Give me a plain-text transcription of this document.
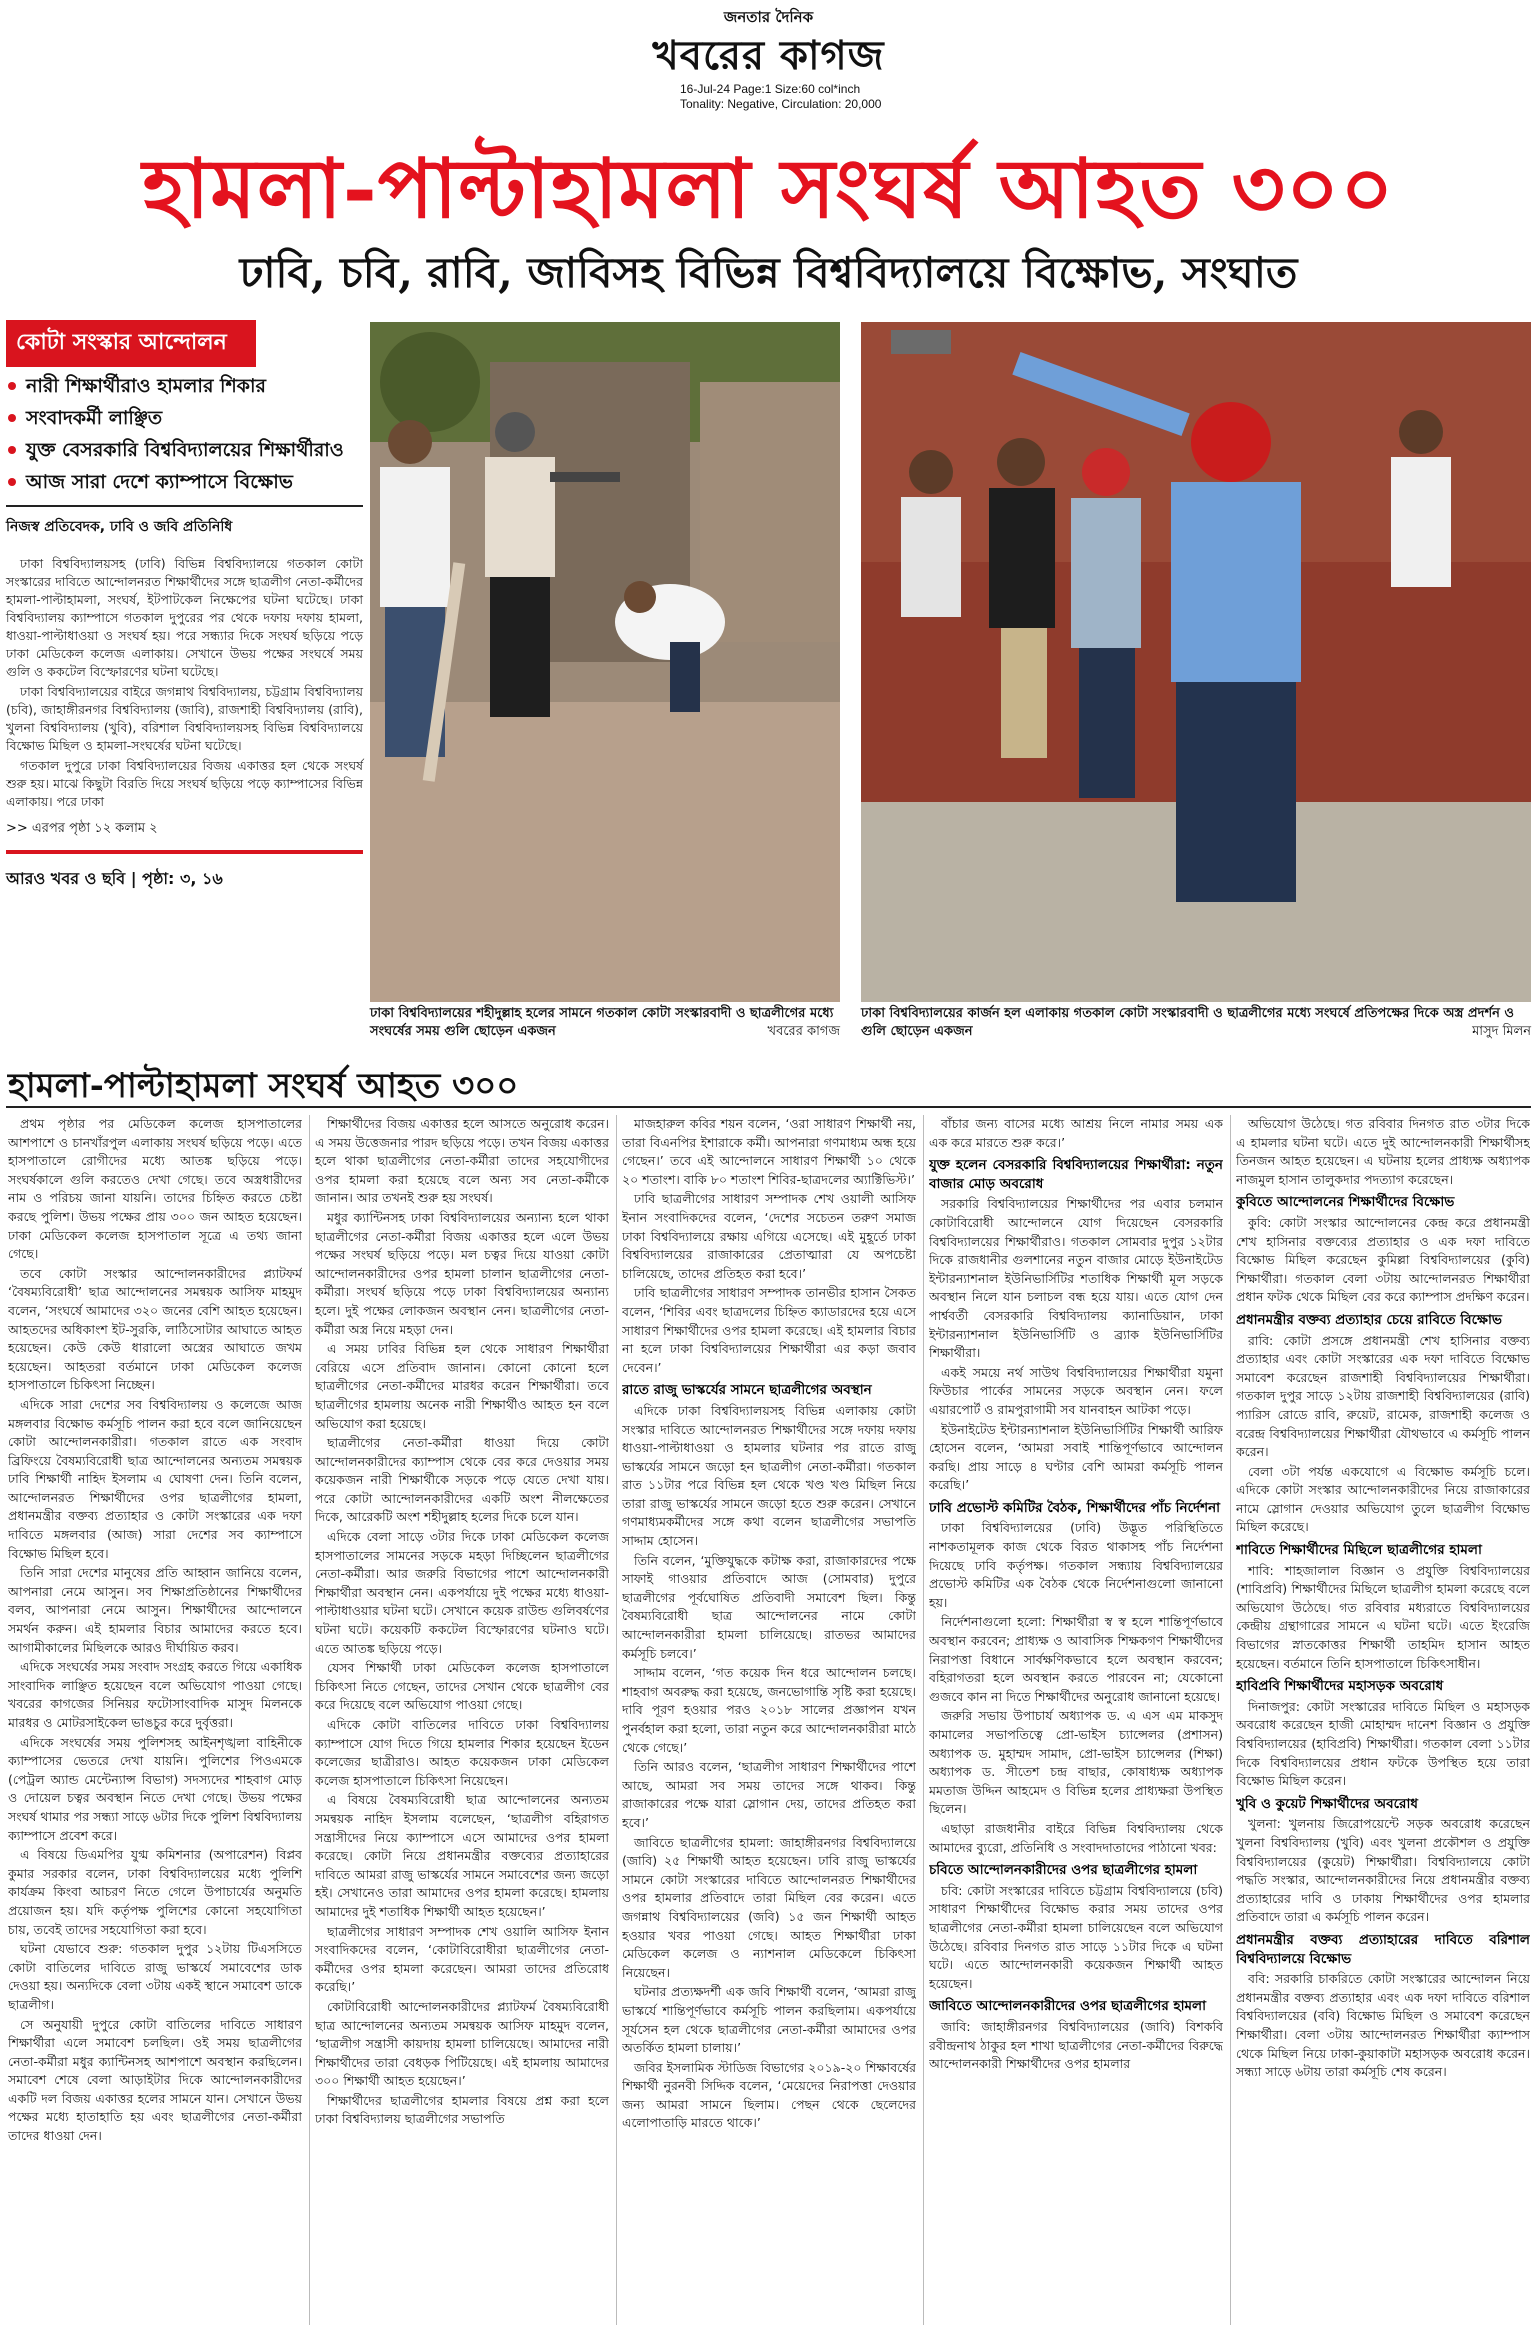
জনতার দৈনিক
খবরের কাগজ
16-Jul-24 Page:1 Size:60 col*inch
Tonality: Negative, Circulation: 20,000
হামলা-পাল্টাহামলা সংঘর্ষ আহত ৩০০
ঢাবি, চবি, রাবি, জাবিসহ বিভিন্ন বিশ্ববিদ্যালয়ে বিক্ষোভ, সংঘাত
কোটা সংস্কার আন্দোলন
নারী শিক্ষার্থীরাও হামলার শিকার
সংবাদকর্মী লাঞ্ছিত
যুক্ত বেসরকারি বিশ্ববিদ্যালয়ের শিক্ষার্থীরাও
আজ সারা দেশে ক্যাম্পাসে বিক্ষোভ
নিজস্ব প্রতিবেদক, ঢাবি ও জবি প্রতিনিধি

ঢাকা বিশ্ববিদ্যালয়সহ (ঢাবি) বিভিন্ন বিশ্ববিদ্যালয়ে গতকাল কোটা সংস্কারের দাবিতে আন্দোলনরত শিক্ষার্থীদের সঙ্গে ছাত্রলীগ নেতা-কর্মীদের হামলা-পাল্টাহামলা, সংঘর্ষ, ইটপাটকেল নিক্ষেপের ঘটনা ঘটেছে। ঢাকা বিশ্ববিদ্যালয় ক্যাম্পাসে গতকাল দুপুরের পর থেকে দফায় দফায় হামলা, ধাওয়া-পাল্টাধাওয়া ও সংঘর্ষ হয়। পরে সন্ধ্যার দিকে সংঘর্ষ ছড়িয়ে পড়ে ঢাকা মেডিকেল কলেজ এলাকায়। সেখানে উভয় পক্ষের সংঘর্ষে সময় গুলি ও ককটেল বিস্ফোরণের ঘটনা ঘটেছে।

ঢাকা বিশ্ববিদ্যালয়ের বাইরে জগন্নাথ বিশ্ববিদ্যালয়, চট্টগ্রাম বিশ্ববিদ্যালয় (চবি), জাহাঙ্গীরনগর বিশ্ববিদ্যালয় (জাবি), রাজশাহী বিশ্ববিদ্যালয় (রাবি), খুলনা বিশ্ববিদ্যালয় (খুবি), বরিশাল বিশ্ববিদ্যালয়সহ বিভিন্ন বিশ্ববিদ্যালয়ে বিক্ষোভ মিছিল ও হামলা-সংঘর্ষের ঘটনা ঘটেছে।

গতকাল দুপুরে ঢাকা বিশ্ববিদ্যালয়ের বিজয় একাত্তর হল থেকে সংঘর্ষ শুরু হয়। মাঝে কিছুটা বিরতি দিয়ে সংঘর্ষ ছড়িয়ে পড়ে ক্যাম্পাসের বিভিন্ন এলাকায়। পরে ঢাকা

>> এরপর পৃষ্ঠা ১২ কলাম ২
আরও খবর ও ছবি | পৃষ্ঠা: ৩, ১৬
ঢাকা বিশ্ববিদ্যালয়ের শহীদুল্লাহ হলের সামনে গতকাল কোটা সংস্কারবাদী ও ছাত্রলীগের মধ্যে সংঘর্ষের সময় গুলি ছোড়েন একজন	খবরের কাগজ
ঢাকা বিশ্ববিদ্যালয়ের কার্জন হল এলাকায় গতকাল কোটা সংস্কারবাদী ও ছাত্রলীগের মধ্যে সংঘর্ষে প্রতিপক্ষের দিকে অস্ত্র প্রদর্শন ও গুলি ছোড়েন একজন	মাসুদ মিলন
হামলা-পাল্টাহামলা সংঘর্ষ আহত ৩০০

প্রথম পৃষ্ঠার পর মেডিকেল কলেজ হাসপাতালের আশপাশে ও চানখাঁরপুল এলাকায় সংঘর্ষ ছড়িয়ে পড়ে। এতে হাসপাতালে রোগীদের মধ্যে আতঙ্ক ছড়িয়ে পড়ে। সংঘর্ষকালে গুলি করতেও দেখা গেছে। তবে অস্ত্রধারীদের নাম ও পরিচয় জানা যায়নি। তাদের চিহ্নিত করতে চেষ্টা করছে পুলিশ। উভয় পক্ষের প্রায় ৩০০ জন আহত হয়েছেন। ঢাকা মেডিকেল কলেজ হাসপাতাল সূত্রে এ তথ্য জানা গেছে।

তবে কোটা সংস্কার আন্দোলনকারীদের প্ল্যাটফর্ম ‘বৈষম্যবিরোধী’ ছাত্র আন্দোলনের সমন্বয়ক আসিফ মাহমুদ বলেন, ‘সংঘর্ষে আমাদের ৩২০ জনের বেশি আহত হয়েছেন। আহতদের অধিকাংশ ইট-সুরকি, লাঠিসোটার আঘাতে আহত হয়েছেন। কেউ কেউ ধারালো অস্ত্রের আঘাতে জখম হয়েছেন। আহতরা বর্তমানে ঢাকা মেডিকেল কলেজ হাসপাতালে চিকিৎসা নিচ্ছেন।

এদিকে সারা দেশের সব বিশ্ববিদ্যালয় ও কলেজে আজ মঙ্গলবার বিক্ষোভ কর্মসূচি পালন করা হবে বলে জানিয়েছেন কোটা আন্দোলনকারীরা। গতকাল রাতে এক সংবাদ ব্রিফিংয়ে বৈষম্যবিরোধী ছাত্র আন্দোলনের অন্যতম সমন্বয়ক ঢাবি শিক্ষার্থী নাহিদ ইসলাম এ ঘোষণা দেন। তিনি বলেন, আন্দোলনরত শিক্ষার্থীদের ওপর ছাত্রলীগের হামলা, প্রধানমন্ত্রীর বক্তব্য প্রত্যাহার ও কোটা সংস্কারের এক দফা দাবিতে মঙ্গলবার (আজ) সারা দেশের সব ক্যাম্পাসে বিক্ষোভ মিছিল হবে।

তিনি সারা দেশের মানুষের প্রতি আহ্বান জানিয়ে বলেন, আপনারা নেমে আসুন। সব শিক্ষাপ্রতিষ্ঠানের শিক্ষার্থীদের বলব, আপনারা নেমে আসুন। শিক্ষার্থীদের আন্দোলনে সমর্থন করুন। এই হামলার বিচার আমাদের করতে হবে। আগামীকালের মিছিলকে আরও দীর্ঘায়িত করব।

এদিকে সংঘর্ষের সময় সংবাদ সংগ্রহ করতে গিয়ে একাধিক সাংবাদিক লাঞ্ছিত হয়েছেন বলে অভিযোগ পাওয়া গেছে। খবরের কাগজের সিনিয়র ফটোসাংবাদিক মাসুদ মিলনকে মারধর ও মোটরসাইকেল ভাঙচুর করে দুর্বৃত্তরা।

এদিকে সংঘর্ষের সময় পুলিশসহ আইনশৃঙ্খলা বাহিনীকে ক্যাম্পাসের ভেতরে দেখা যায়নি। পুলিশের পিওএমকে (পেট্রল অ্যান্ড মেন্টেন্যান্স বিভাগ) সদস্যদের শাহবাগ মোড় ও দোয়েল চত্বর অবস্থান নিতে দেখা গেছে। উভয় পক্ষের সংঘর্ষ থামার পর সন্ধ্যা সাড়ে ৬টার দিকে পুলিশ বিশ্ববিদ্যালয় ক্যাম্পাসে প্রবেশ করে।

এ বিষয়ে ডিএমপির যুগ্ম কমিশনার (অপারেশন) বিপ্লব কুমার সরকার বলেন, ঢাকা বিশ্ববিদ্যালয়ের মধ্যে পুলিশি কার্যক্রম কিংবা আচরণ নিতে গেলে উপাচার্যের অনুমতি প্রয়োজন হয়। যদি কর্তৃপক্ষ পুলিশের কোনো সহযোগিতা চায়, তবেই তাদের সহযোগিতা করা হবে।

ঘটনা যেভাবে শুরু: গতকাল দুপুর ১২টায় টিএসসিতে কোটা বাতিলের দাবিতে রাজু ভাস্কর্যে সমাবেশের ডাক দেওয়া হয়। অন্যদিকে বেলা ৩টায় একই স্থানে সমাবেশ ডাকে ছাত্রলীগ।

সে অনুযায়ী দুপুরে কোটা বাতিলের দাবিতে সাধারণ শিক্ষার্থীরা এলে সমাবেশ চলছিল। ওই সময় ছাত্রলীগের নেতা-কর্মীরা মধুর ক্যান্টিনসহ আশপাশে অবস্থান করছিলেন। সমাবেশ শেষে বেলা আড়াইটার দিকে আন্দোলনকারীদের একটি দল বিজয় একাত্তর হলের সামনে যান। সেখানে উভয় পক্ষের মধ্যে হাতাহাতি হয় এবং ছাত্রলীগের নেতা-কর্মীরা তাদের ধাওয়া দেন।

শিক্ষার্থীদের বিজয় একাত্তর হলে আসতে অনুরোধ করেন। এ সময় উত্তেজনার পারদ ছড়িয়ে পড়ে। তখন বিজয় একাত্তর হলে থাকা ছাত্রলীগের নেতা-কর্মীরা তাদের সহযোগীদের ওপর হামলা করা হয়েছে বলে অন্য সব নেতা-কর্মীকে জানান। আর তখনই শুরু হয় সংঘর্ষ।

মধুর ক্যান্টিনসহ ঢাকা বিশ্ববিদ্যালয়ের অন্যান্য হলে থাকা ছাত্রলীগের নেতা-কর্মীরা বিজয় একাত্তর হলে এলে উভয় পক্ষের সংঘর্ষ ছড়িয়ে পড়ে। মল চত্বর দিয়ে যাওয়া কোটা আন্দোলনকারীদের ওপর হামলা চালান ছাত্রলীগের নেতা-কর্মীরা। সংঘর্ষ ছড়িয়ে পড়ে ঢাকা বিশ্ববিদ্যালয়ের অন্যান্য হলে। দুই পক্ষের লোকজন অবস্থান নেন। ছাত্রলীগের নেতা-কর্মীরা অস্ত্র নিয়ে মহড়া দেন।

এ সময় ঢাবির বিভিন্ন হল থেকে সাধারণ শিক্ষার্থীরা বেরিয়ে এসে প্রতিবাদ জানান। কোনো কোনো হলে ছাত্রলীগের নেতা-কর্মীদের মারধর করেন শিক্ষার্থীরা। তবে ছাত্রলীগের হামলায় অনেক নারী শিক্ষার্থীও আহত হন বলে অভিযোগ করা হয়েছে।

ছাত্রলীগের নেতা-কর্মীরা ধাওয়া দিয়ে কোটা আন্দোলনকারীদের ক্যাম্পাস থেকে বের করে দেওয়ার সময় কয়েকজন নারী শিক্ষার্থীকে সড়কে পড়ে যেতে দেখা যায়। পরে কোটা আন্দোলনকারীদের একটি অংশ নীলক্ষেতের দিকে, আরেকটি অংশ শহীদুল্লাহ হলের দিকে চলে যান।

এদিকে বেলা সাড়ে ৩টার দিকে ঢাকা মেডিকেল কলেজ হাসপাতালের সামনের সড়কে মহড়া দিচ্ছিলেন ছাত্রলীগের নেতা-কর্মীরা। আর জরুরি বিভাগের পাশে আন্দোলনকারী শিক্ষার্থীরা অবস্থান নেন। একপর্যায়ে দুই পক্ষের মধ্যে ধাওয়া-পাল্টাধাওয়ার ঘটনা ঘটে। সেখানে কয়েক রাউন্ড গুলিবর্ষণের ঘটনা ঘটে। কয়েকটি ককটেল বিস্ফোরণের ঘটনাও ঘটে। এতে আতঙ্ক ছড়িয়ে পড়ে।

যেসব শিক্ষার্থী ঢাকা মেডিকেল কলেজ হাসপাতালে চিকিৎসা নিতে গেছেন, তাদের সেখান থেকে ছাত্রলীগ বের করে দিয়েছে বলে অভিযোগ পাওয়া গেছে।

এদিকে কোটা বাতিলের দাবিতে ঢাকা বিশ্ববিদ্যালয় ক্যাম্পাসে যোগ দিতে গিয়ে হামলার শিকার হয়েছেন ইডেন কলেজের ছাত্রীরাও। আহত কয়েকজন ঢাকা মেডিকেল কলেজ হাসপাতালে চিকিৎসা নিয়েছেন।

এ বিষয়ে বৈষম্যবিরোধী ছাত্র আন্দোলনের অন্যতম সমন্বয়ক নাহিদ ইসলাম বলেছেন, ‘ছাত্রলীগ বহিরাগত সন্ত্রাসীদের নিয়ে ক্যাম্পাসে এসে আমাদের ওপর হামলা করেছে। কোটা নিয়ে প্রধানমন্ত্রীর বক্তব্যের প্রত্যাহারের দাবিতে আমরা রাজু ভাস্কর্যের সামনে সমাবেশের জন্য জড়ো হই। সেখানেও তারা আমাদের ওপর হামলা করেছে। হামলায় আমাদের দুই শতাধিক শিক্ষার্থী আহত হয়েছেন।’

ছাত্রলীগের সাধারণ সম্পাদক শেখ ওয়ালি আসিফ ইনান সংবাদিকদের বলেন, ‘কোটাবিরোধীরা ছাত্রলীগের নেতা-কর্মীদের ওপর হামলা করেছেন। আমরা তাদের প্রতিরোধ করেছি।’

কোটাবিরোধী আন্দোলনকারীদের প্ল্যাটফর্ম বৈষম্যবিরোধী ছাত্র আন্দোলনের অন্যতম সমন্বয়ক আসিফ মাহমুদ বলেন, ‘ছাত্রলীগ সন্ত্রাসী কায়দায় হামলা চালিয়েছে। আমাদের নারী শিক্ষার্থীদের তারা বেধড়ক পিটিয়েছে। এই হামলায় আমাদের ৩০০ শিক্ষার্থী আহত হয়েছেন।’

শিক্ষার্থীদের ছাত্রলীগের হামলার বিষয়ে প্রশ্ন করা হলে ঢাকা বিশ্ববিদ্যালয় ছাত্রলীগের সভাপতি

মাজহারুল কবির শয়ন বলেন, ‘ওরা সাধারণ শিক্ষার্থী নয়, তারা বিএনপির ইশারাকে কর্মী। আপনারা গণমাধ্যম অন্ধ হয়ে গেছেন।’ তবে এই আন্দোলনে সাধারণ শিক্ষার্থী ১০ থেকে ২০ শতাংশ। বাকি ৮০ শতাংশ শিবির-ছাত্রদলের অ্যাক্টিভিস্ট।’

ঢাবি ছাত্রলীগের সাধারণ সম্পাদক শেখ ওয়ালী আসিফ ইনান সংবাদিকদের বলেন, ‘দেশের সচেতন তরুণ সমাজ ঢাকা বিশ্ববিদ্যালয়ে রক্ষায় এগিয়ে এসেছে। এই মুহূর্তে ঢাকা বিশ্ববিদ্যালয়ের রাজাকারের প্রেতাত্মারা যে অপচেষ্টা চালিয়েছে, তাদের প্রতিহত করা হবে।’

ঢাবি ছাত্রলীগের সাধারণ সম্পাদক তানভীর হাসান সৈকত বলেন, ‘শিবির এবং ছাত্রদলের চিহ্নিত ক্যাডারদের হয়ে এসে সাধারণ শিক্ষার্থীদের ওপর হামলা করেছে। এই হামলার বিচার না হলে ঢাকা বিশ্ববিদ্যালয়ের শিক্ষার্থীরা এর কড়া জবাব দেবেন।’

রাতে রাজু ভাস্কর্যের সামনে ছাত্রলীগের অবস্থান

এদিকে ঢাকা বিশ্ববিদ্যালয়সহ বিভিন্ন এলাকায় কোটা সংস্কার দাবিতে আন্দোলনরত শিক্ষার্থীদের সঙ্গে দফায় দফায় ধাওয়া-পাল্টাধাওয়া ও হামলার ঘটনার পর রাতে রাজু ভাস্কর্যের সামনে জড়ো হন ছাত্রলীগ নেতা-কর্মীরা। গতকাল রাত ১১টার পরে বিভিন্ন হল থেকে খণ্ড খণ্ড মিছিল নিয়ে তারা রাজু ভাস্কর্যের সামনে জড়ো হতে শুরু করেন। সেখানে গণমাধ্যমকর্মীদের সঙ্গে কথা বলেন ছাত্রলীগের সভাপতি সাদ্দাম হোসেন।

তিনি বলেন, ‘মুক্তিযুদ্ধকে কটাক্ষ করা, রাজাকারদের পক্ষে সাফাই গাওয়ার প্রতিবাদে আজ (সোমবার) দুপুরে ছাত্রলীগের পূর্বঘোষিত প্রতিবাদী সমাবেশ ছিল। কিন্তু বৈষম্যবিরোধী ছাত্র আন্দোলনের নামে কোটা আন্দোলনকারীরা হামলা চালিয়েছে। রাতভর আমাদের কর্মসূচি চলবে।’

সাদ্দাম বলেন, ‘গত কয়েক দিন ধরে আন্দোলন চলছে। শাহবাগ অবরুদ্ধ করা হয়েছে, জনভোগান্তি সৃষ্টি করা হয়েছে। দাবি পূরণ হওয়ার পরও ২০১৮ সালের প্রজ্ঞাপন যখন পুনর্বহাল করা হলো, তারা নতুন করে আন্দোলনকারীরা মাঠে থেকে গেছে।’

তিনি আরও বলেন, ‘ছাত্রলীগ সাধারণ শিক্ষার্থীদের পাশে আছে, আমরা সব সময় তাদের সঙ্গে থাকব। কিন্তু রাজাকারের পক্ষে যারা স্লোগান দেয়, তাদের প্রতিহত করা হবে।’

জাবিতে ছাত্রলীগের হামলা: জাহাঙ্গীরনগর বিশ্ববিদ্যালয়ে (জাবি) ২৫ শিক্ষার্থী আহত হয়েছেন। ঢাবি রাজু ভাস্কর্যের সামনে কোটা সংস্কারের দাবিতে আন্দোলনরত শিক্ষার্থীদের ওপর হামলার প্রতিবাদে তারা মিছিল বের করেন। এতে জগন্নাথ বিশ্ববিদ্যালয়ের (জবি) ১৫ জন শিক্ষার্থী আহত হওয়ার খবর পাওয়া গেছে। আহত শিক্ষার্থীরা ঢাকা মেডিকেল কলেজ ও ন্যাশনাল মেডিকেলে চিকিৎসা নিয়েছেন।

ঘটনার প্রত্যক্ষদর্শী এক জবি শিক্ষার্থী বলেন, ‘আমরা রাজু ভাস্কর্যে শান্তিপূর্ণভাবে কর্মসূচি পালন করছিলাম। একপর্যায়ে সূর্যসেন হল থেকে ছাত্রলীগের নেতা-কর্মীরা আমাদের ওপর অতর্কিত হামলা চালায়।’

জবির ইসলামিক স্টাডিজ বিভাগের ২০১৯-২০ শিক্ষাবর্ষের শিক্ষার্থী নুরনবী সিদ্দিক বলেন, ‘মেয়েদের নিরাপত্তা দেওয়ার জন্য আমরা সামনে ছিলাম। পেছন থেকে ছেলেদের এলোপাতাড়ি মারতে থাকে।’

বাঁচার জন্য বাসের মধ্যে আশ্রয় নিলে নামার সময় এক এক করে মারতে শুরু করে।’

যুক্ত হলেন বেসরকারি বিশ্ববিদ্যালয়ের শিক্ষার্থীরা: নতুন বাজার মোড় অবরোধ

সরকারি বিশ্ববিদ্যালয়ের শিক্ষার্থীদের পর এবার চলমান কোটাবিরোধী আন্দোলনে যোগ দিয়েছেন বেসরকারি বিশ্ববিদ্যালয়ের শিক্ষার্থীরাও। গতকাল সোমবার দুপুর ১২টার দিকে রাজধানীর গুলশানের নতুন বাজার মোড়ে ইউনাইটেড ইন্টারন্যাশনাল ইউনিভার্সিটির শতাধিক শিক্ষার্থী মূল সড়কে অবস্থান নিলে যান চলাচল বন্ধ হয়ে যায়। এতে যোগ দেন পার্শ্ববর্তী বেসরকারি বিশ্ববিদ্যালয় ক্যানাডিয়ান, ঢাকা ইন্টারন্যাশনাল ইউনিভার্সিটি ও ব্র্যাক ইউনিভার্সিটির শিক্ষার্থীরা।

একই সময়ে নর্থ সাউথ বিশ্ববিদ্যালয়ের শিক্ষার্থীরা যমুনা ফিউচার পার্কের সামনের সড়কে অবস্থান নেন। ফলে এয়ারপোর্ট ও রামপুরাগামী সব যানবাহন আটকা পড়ে।

ইউনাইটেড ইন্টারন্যাশনাল ইউনিভার্সিটির শিক্ষার্থী আরিফ হোসেন বলেন, ‘আমরা সবাই শান্তিপূর্ণভাবে আন্দোলন করছি। প্রায় সাড়ে ৪ ঘণ্টার বেশি আমরা কর্মসূচি পালন করেছি।’

ঢাবি প্রভোস্ট কমিটির বৈঠক, শিক্ষার্থীদের পাঁচ নির্দেশনা

ঢাকা বিশ্ববিদ্যালয়ের (ঢাবি) উদ্ভূত পরিস্থিতিতে নাশকতামূলক কাজ থেকে বিরত থাকাসহ পাঁচ নির্দেশনা দিয়েছে ঢাবি কর্তৃপক্ষ। গতকাল সন্ধ্যায় বিশ্ববিদ্যালয়ের প্রভোস্ট কমিটির এক বৈঠক থেকে নির্দেশনাগুলো জানানো হয়।

নির্দেশনাগুলো হলো: শিক্ষার্থীরা স্ব স্ব হলে শান্তিপূর্ণভাবে অবস্থান করবেন; প্রাধ্যক্ষ ও আবাসিক শিক্ষকগণ শিক্ষার্থীদের নিরাপত্তা বিধানে সার্বক্ষণিকভাবে হলে অবস্থান করবেন; বহিরাগতরা হলে অবস্থান করতে পারবেন না; যেকোনো গুজবে কান না দিতে শিক্ষার্থীদের অনুরোধ জানানো হয়েছে।

জরুরি সভায় উপাচার্য অধ্যাপক ড. এ এস এম মাকসুদ কামালের সভাপতিত্বে প্রো-ভাইস চ্যান্সেলর (প্রশাসন) অধ্যাপক ড. মুহাম্মদ সামাদ, প্রো-ভাইস চ্যান্সেলর (শিক্ষা) অধ্যাপক ড. সীতেশ চন্দ্র বাছার, কোষাধ্যক্ষ অধ্যাপক মমতাজ উদ্দিন আহমেদ ও বিভিন্ন হলের প্রাধ্যক্ষরা উপস্থিত ছিলেন।

এছাড়া রাজধানীর বাইরে বিভিন্ন বিশ্ববিদ্যালয় থেকে আমাদের ব্যুরো, প্রতিনিধি ও সংবাদদাতাদের পাঠানো খবর:

চবিতে আন্দোলনকারীদের ওপর ছাত্রলীগের হামলা

চবি: কোটা সংস্কারের দাবিতে চট্টগ্রাম বিশ্ববিদ্যালয়ে (চবি) সাধারণ শিক্ষার্থীদের বিক্ষোভ করার সময় তাদের ওপর ছাত্রলীগের নেতা-কর্মীরা হামলা চালিয়েছেন বলে অভিযোগ উঠেছে। রবিবার দিনগত রাত সাড়ে ১১টার দিকে এ ঘটনা ঘটে। এতে আন্দোলনকারী কয়েকজন শিক্ষার্থী আহত হয়েছেন।

জাবিতে আন্দোলনকারীদের ওপর ছাত্রলীগের হামলা

জাবি: জাহাঙ্গীরনগর বিশ্ববিদ্যালয়ের (জাবি) বিশকবি রবীন্দ্রনাথ ঠাকুর হল শাখা ছাত্রলীগের নেতা-কর্মীদের বিরুদ্ধে আন্দোলনকারী শিক্ষার্থীদের ওপর হামলার

অভিযোগ উঠেছে। গত রবিবার দিনগত রাত ৩টার দিকে এ হামলার ঘটনা ঘটে। এতে দুই আন্দোলনকারী শিক্ষার্থীসহ তিনজন আহত হয়েছেন। এ ঘটনায় হলের প্রাধ্যক্ষ অধ্যাপক নাজমুল হাসান তালুকদার পদত্যাগ করেছেন।

কুবিতে আন্দোলনের শিক্ষার্থীদের বিক্ষোভ

কুবি: কোটা সংস্কার আন্দোলনের কেন্দ্র করে প্রধানমন্ত্রী শেখ হাসিনার বক্তব্যের প্রত্যাহার ও এক দফা দাবিতে বিক্ষোভ মিছিল করেছেন কুমিল্লা বিশ্ববিদ্যালয়ের (কুবি) শিক্ষার্থীরা। গতকাল বেলা ৩টায় আন্দোলনরত শিক্ষার্থীরা প্রধান ফটক থেকে মিছিল বের করে ক্যাম্পাস প্রদক্ষিণ করেন।

প্রধানমন্ত্রীর বক্তব্য প্রত্যাহার চেয়ে রাবিতে বিক্ষোভ

রাবি: কোটা প্রসঙ্গে প্রধানমন্ত্রী শেখ হাসিনার বক্তব্য প্রত্যাহার এবং কোটা সংস্কারের এক দফা দাবিতে বিক্ষোভ সমাবেশ করেছেন রাজশাহী বিশ্ববিদ্যালয়ের শিক্ষার্থীরা। গতকাল দুপুর সাড়ে ১২টায় রাজশাহী বিশ্ববিদ্যালয়ের (রাবি) প্যারিস রোডে রাবি, রুয়েট, রামেক, রাজশাহী কলেজ ও বরেন্দ্র বিশ্ববিদ্যালয়ের শিক্ষার্থীরা যৌথভাবে এ কর্মসূচি পালন করেন।

বেলা ৩টা পর্যন্ত একযোগে এ বিক্ষোভ কর্মসূচি চলে। এদিকে কোটা সংস্কার আন্দোলনকারীদের নিয়ে রাজাকারের নামে স্লোগান দেওয়ার অভিযোগ তুলে ছাত্রলীগ বিক্ষোভ মিছিল করেছে।

শাবিতে শিক্ষার্থীদের মিছিলে ছাত্রলীগের হামলা

শাবি: শাহজালাল বিজ্ঞান ও প্রযুক্তি বিশ্ববিদ্যালয়ের (শাবিপ্রবি) শিক্ষার্থীদের মিছিলে ছাত্রলীগ হামলা করেছে বলে অভিযোগ উঠেছে। গত রবিবার মধ্যরাতে বিশ্ববিদ্যালয়ের কেন্দ্রীয় গ্রন্থাগারের সামনে এ ঘটনা ঘটে। এতে ইংরেজি বিভাগের স্নাতকোত্তর শিক্ষার্থী তাহমিদ হাসান আহত হয়েছেন। বর্তমানে তিনি হাসপাতালে চিকিৎসাধীন।

হাবিপ্রবি শিক্ষার্থীদের মহাসড়ক অবরোধ

দিনাজপুর: কোটা সংস্কারের দাবিতে মিছিল ও মহাসড়ক অবরোধ করেছেন হাজী মোহাম্মদ দানেশ বিজ্ঞান ও প্রযুক্তি বিশ্ববিদ্যালয়ের (হাবিপ্রবি) শিক্ষার্থীরা। গতকাল বেলা ১১টার দিকে বিশ্ববিদ্যালয়ের প্রধান ফটকে উপস্থিত হয়ে তারা বিক্ষোভ মিছিল করেন।

খুবি ও কুয়েট শিক্ষার্থীদের অবরোধ

খুলনা: খুলনায় জিরোপয়েন্টে সড়ক অবরোধ করেছেন খুলনা বিশ্ববিদ্যালয় (খুবি) এবং খুলনা প্রকৌশল ও প্রযুক্তি বিশ্ববিদ্যালয়ের (কুয়েট) শিক্ষার্থীরা। বিশ্ববিদ্যালয়ে কোটা পদ্ধতি সংস্কার, আন্দোলনকারীদের নিয়ে প্রধানমন্ত্রীর বক্তব্য প্রত্যাহারের দাবি ও ঢাকায় শিক্ষার্থীদের ওপর হামলার প্রতিবাদে তারা এ কর্মসূচি পালন করেন।

প্রধানমন্ত্রীর বক্তব্য প্রত্যাহারের দাবিতে বরিশাল বিশ্ববিদ্যালয়ে বিক্ষোভ

ববি: সরকারি চাকরিতে কোটা সংস্কারের আন্দোলন নিয়ে প্রধানমন্ত্রীর বক্তব্য প্রত্যাহার এবং এক দফা দাবিতে বরিশাল বিশ্ববিদ্যালয়ের (ববি) বিক্ষোভ মিছিল ও সমাবেশ করেছেন শিক্ষার্থীরা। বেলা ৩টায় আন্দোলনরত শিক্ষার্থীরা ক্যাম্পাস থেকে মিছিল নিয়ে ঢাকা-কুয়াকাটা মহাসড়ক অবরোধ করেন। সন্ধ্যা সাড়ে ৬টায় তারা কর্মসূচি শেষ করেন।
